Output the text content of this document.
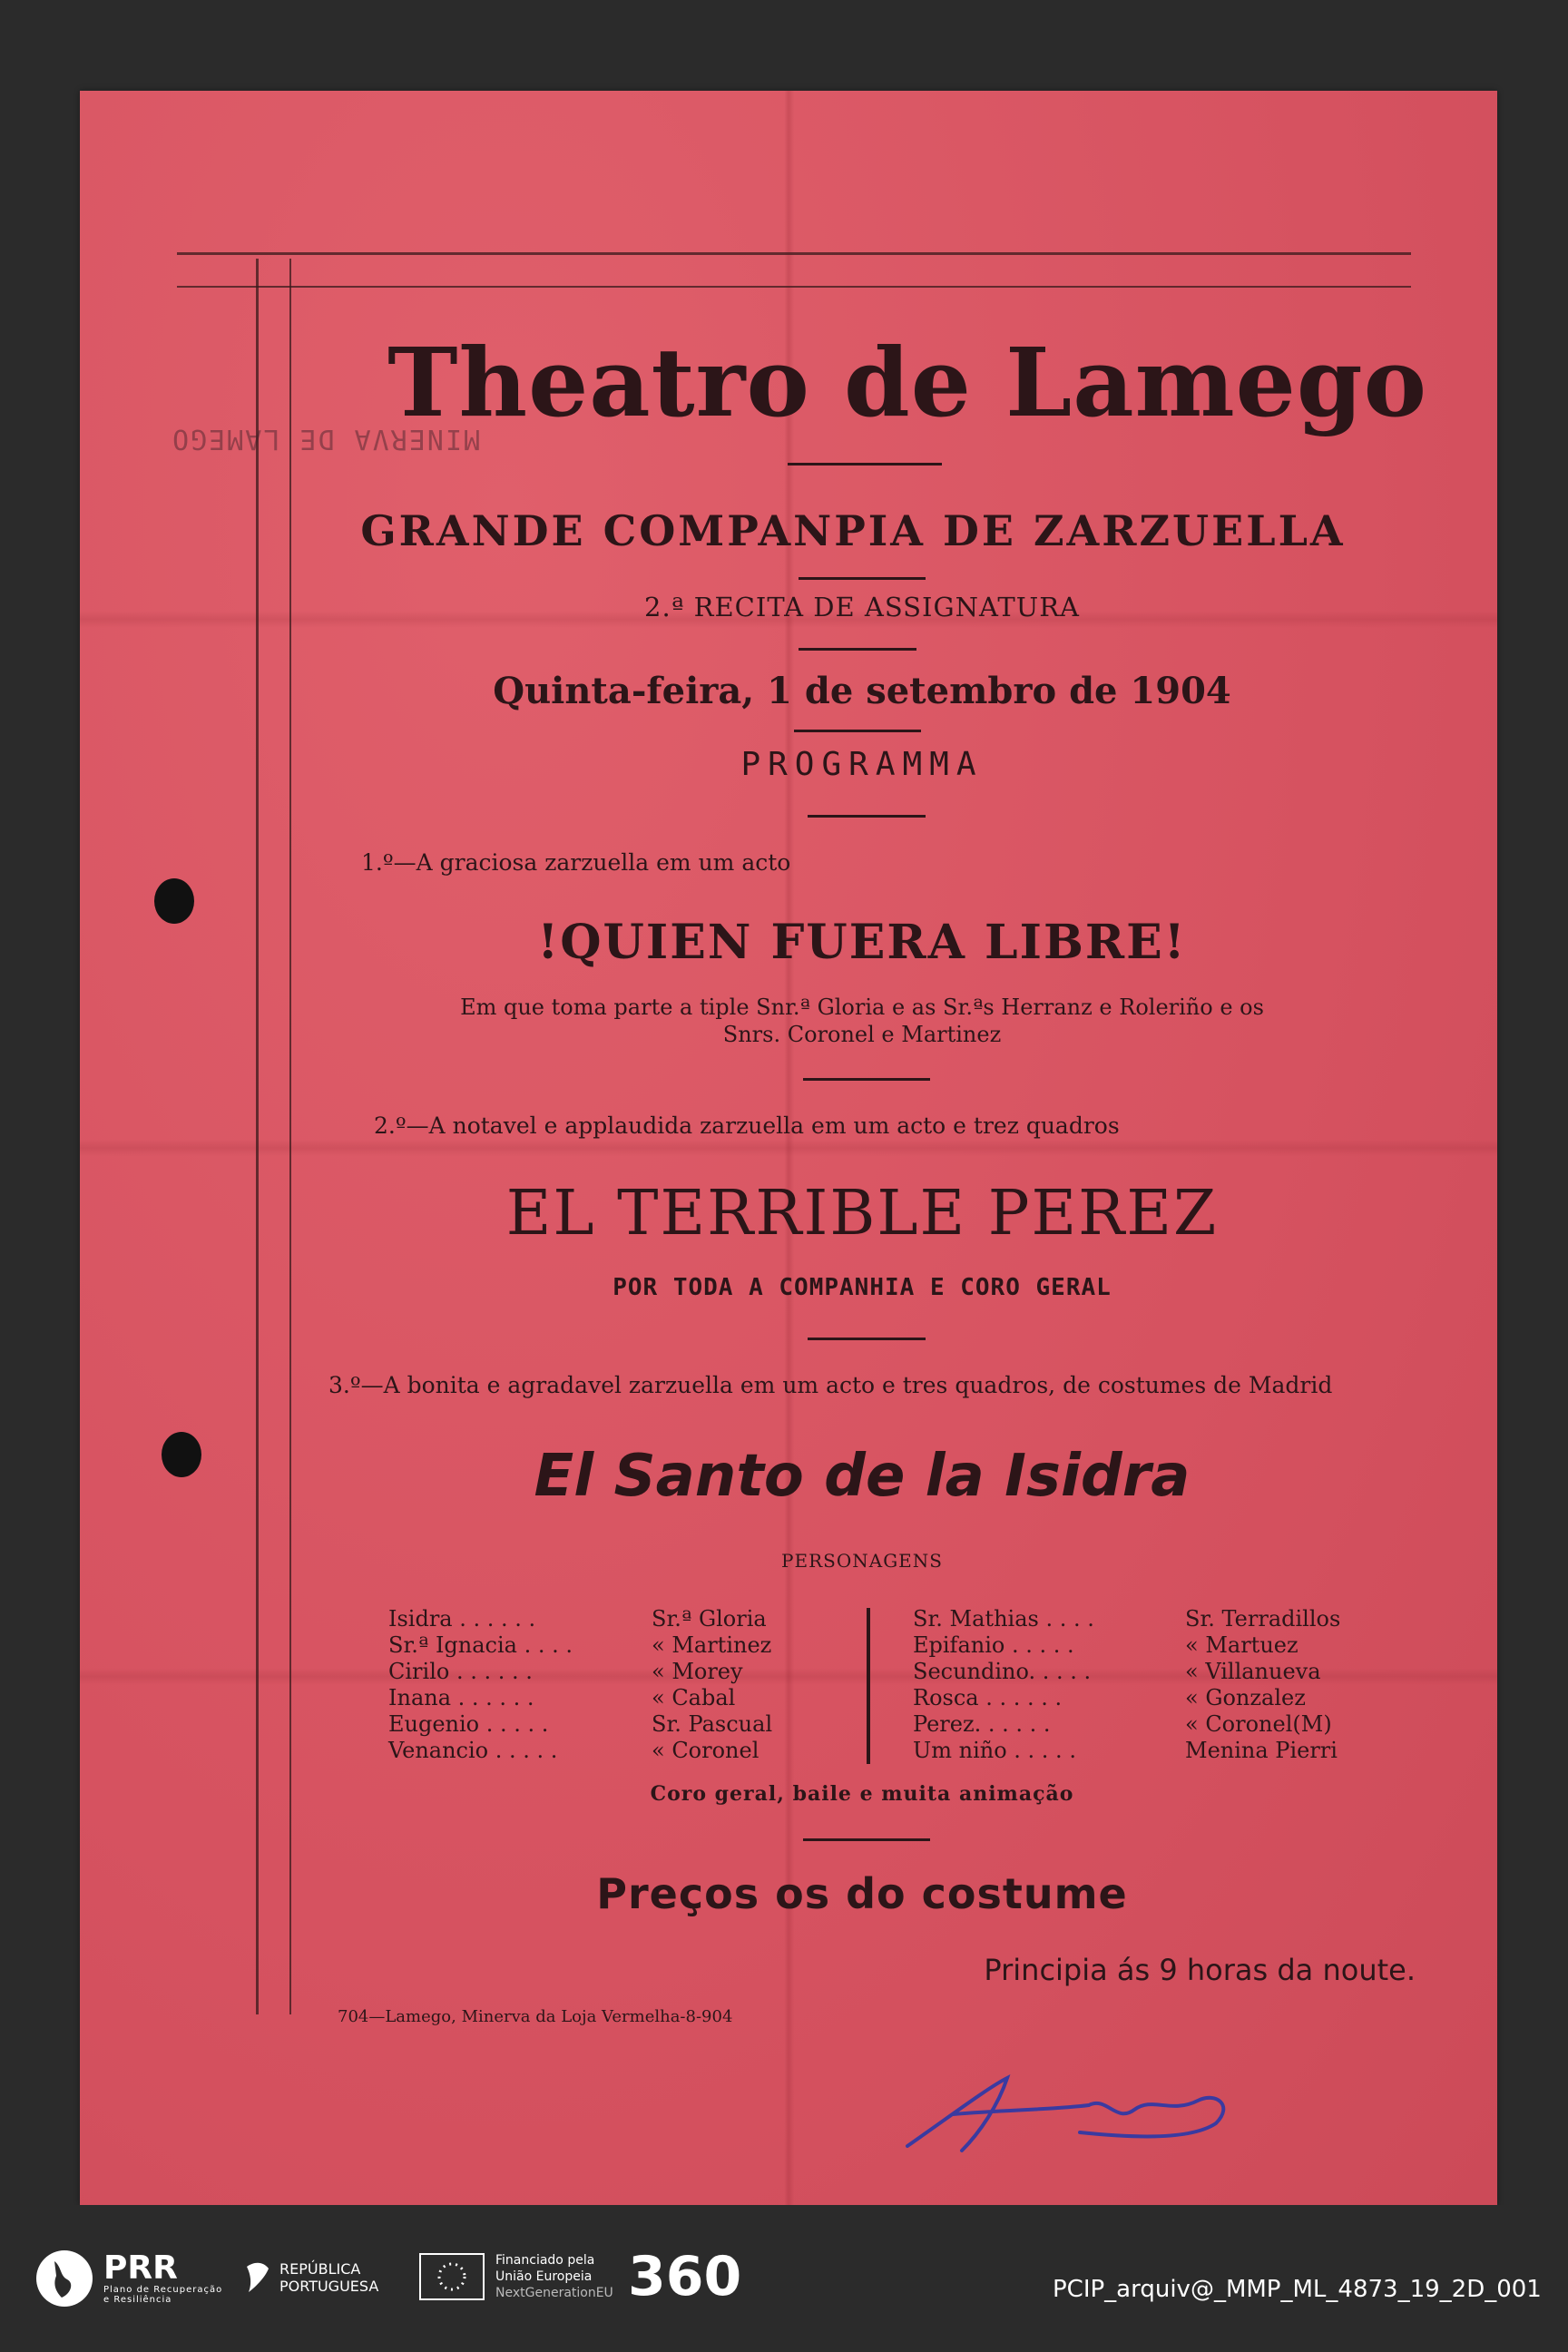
MINERVA DE LAMEGO
Theatro de Lamego
GRANDE COMPANPIA DE ZARZUELLA
2.ª RECITA DE ASSIGNATURA
Quinta-feira, 1 de setembro de 1904
PROGRAMMA
1.º—A graciosa zarzuella em um acto
!QUIEN FUERA LIBRE!
Em que toma parte a tiple Snr.ª Gloria e as Sr.ªs Herranz e Roleriño e os
Snrs. Coronel e Martinez
2.º—A notavel e applaudida zarzuella em um acto e trez quadros
EL TERRIBLE PEREZ
POR TODA A COMPANHIA E CORO GERAL
3.º—A bonita e agradavel zarzuella em um acto e tres quadros, de costumes de Madrid
El Santo de la Isidra
PERSONAGENS
Isidra . . . . . .	Sr.ª Gloria
Sr.ª Ignacia . . . .	« Martinez
Cirilo . . . . . .	« Morey
Inana . . . . . .	« Cabal
Eugenio . . . . .	Sr. Pascual
Venancio . . . . .	« Coronel
Sr. Mathias . . . .	Sr. Terradillos
Epifanio . . . . .	« Martuez
Secundino. . . . .	« Villanueva
Rosca . . . . . .	« Gonzalez
Perez. . . . . .	« Coronel(M)
Um niño . . . . .	Menina Pierri
Coro geral, baile e muita animação
Preços os do costume
Principia ás 9 horas da noute.
704—Lamego, Minerva da Loja Vermelha-8-904
PRR
Plano de Recuperação
e Resiliência
REPÚBLICA
PORTUGUESA
Financiado pela
União Europeia
NextGenerationEU 360	PCIP_arquiv@_MMP_ML_4873_19_2D_001
